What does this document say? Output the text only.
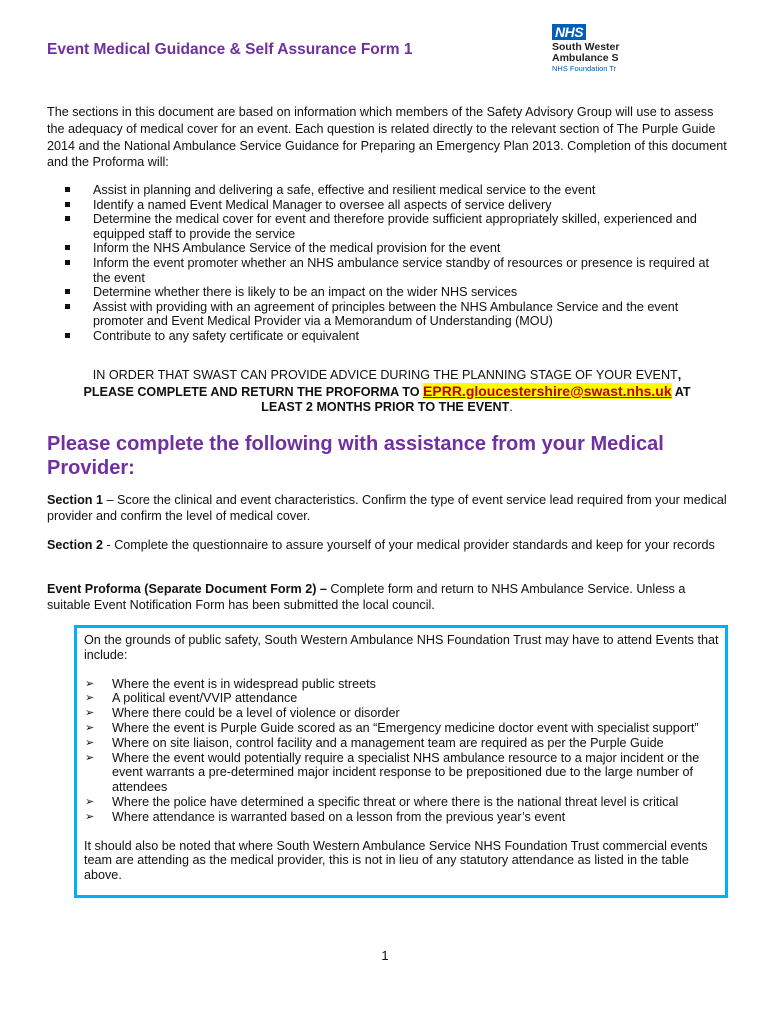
Event Medical Guidance & Self Assurance Form 1
NHS
South Wester
Ambulance S
NHS Foundation Tr

The sections in this document are based on information which members of the Safety Advisory Group will use to assess the adequacy of medical cover for an event. Each question is related directly to the relevant section of The Purple Guide 2014 and the National Ambulance Service Guidance for Preparing an Emergency Plan 2013. Completion of this document and the Proforma will:

Assist in planning and delivering a safe, effective and resilient medical service to the event
Identify a named Event Medical Manager to oversee all aspects of service delivery
Determine the medical cover for event and therefore provide sufficient appropriately skilled, experienced and equipped staff to provide the service
Inform the NHS Ambulance Service of the medical provision for the event
Inform the event promoter whether an NHS ambulance service standby of resources or presence is required at the event
Determine whether there is likely to be an impact on the wider NHS services
Assist with providing with an agreement of principles between the NHS Ambulance Service and the event promoter and Event Medical Provider via a Memorandum of Understanding (MOU)
Contribute to any safety certificate or equivalent
IN ORDER THAT SWAST CAN PROVIDE ADVICE DURING THE PLANNING STAGE OF YOUR EVENT,
PLEASE COMPLETE AND RETURN THE PROFORMA TO EPRR.gloucestershire@swast.nhs.uk AT
LEAST 2 MONTHS PRIOR TO THE EVENT.
Please complete the following with assistance from your Medical Provider:

Section 1 – Score the clinical and event characteristics. Confirm the type of event service lead required from your medical provider and confirm the level of medical cover.

Section 2 - Complete the questionnaire to assure yourself of your medical provider standards and keep for your records

Event Proforma (Separate Document Form 2) – Complete form and return to NHS Ambulance Service. Unless a suitable Event Notification Form has been submitted the local council.

On the grounds of public safety, South Western Ambulance NHS Foundation Trust may have to attend Events that include:

➢ Where the event is in widespread public streets
➢ A political event/VVIP attendance
➢ Where there could be a level of violence or disorder
➢ Where the event is Purple Guide scored as an “Emergency medicine doctor event with specialist support”
➢ Where on site liaison, control facility and a management team are required as per the Purple Guide
➢ Where the event would potentially require a specialist NHS ambulance resource to a major incident or the event warrants a pre-determined major incident response to be prepositioned due to the large number of attendees
➢ Where the police have determined a specific threat or where there is the national threat level is critical
➢ Where attendance is warranted based on a lesson from the previous year’s event

It should also be noted that where South Western Ambulance Service NHS Foundation Trust commercial events team are attending as the medical provider, this is not in lieu of any statutory attendance as listed in the table above.

1
